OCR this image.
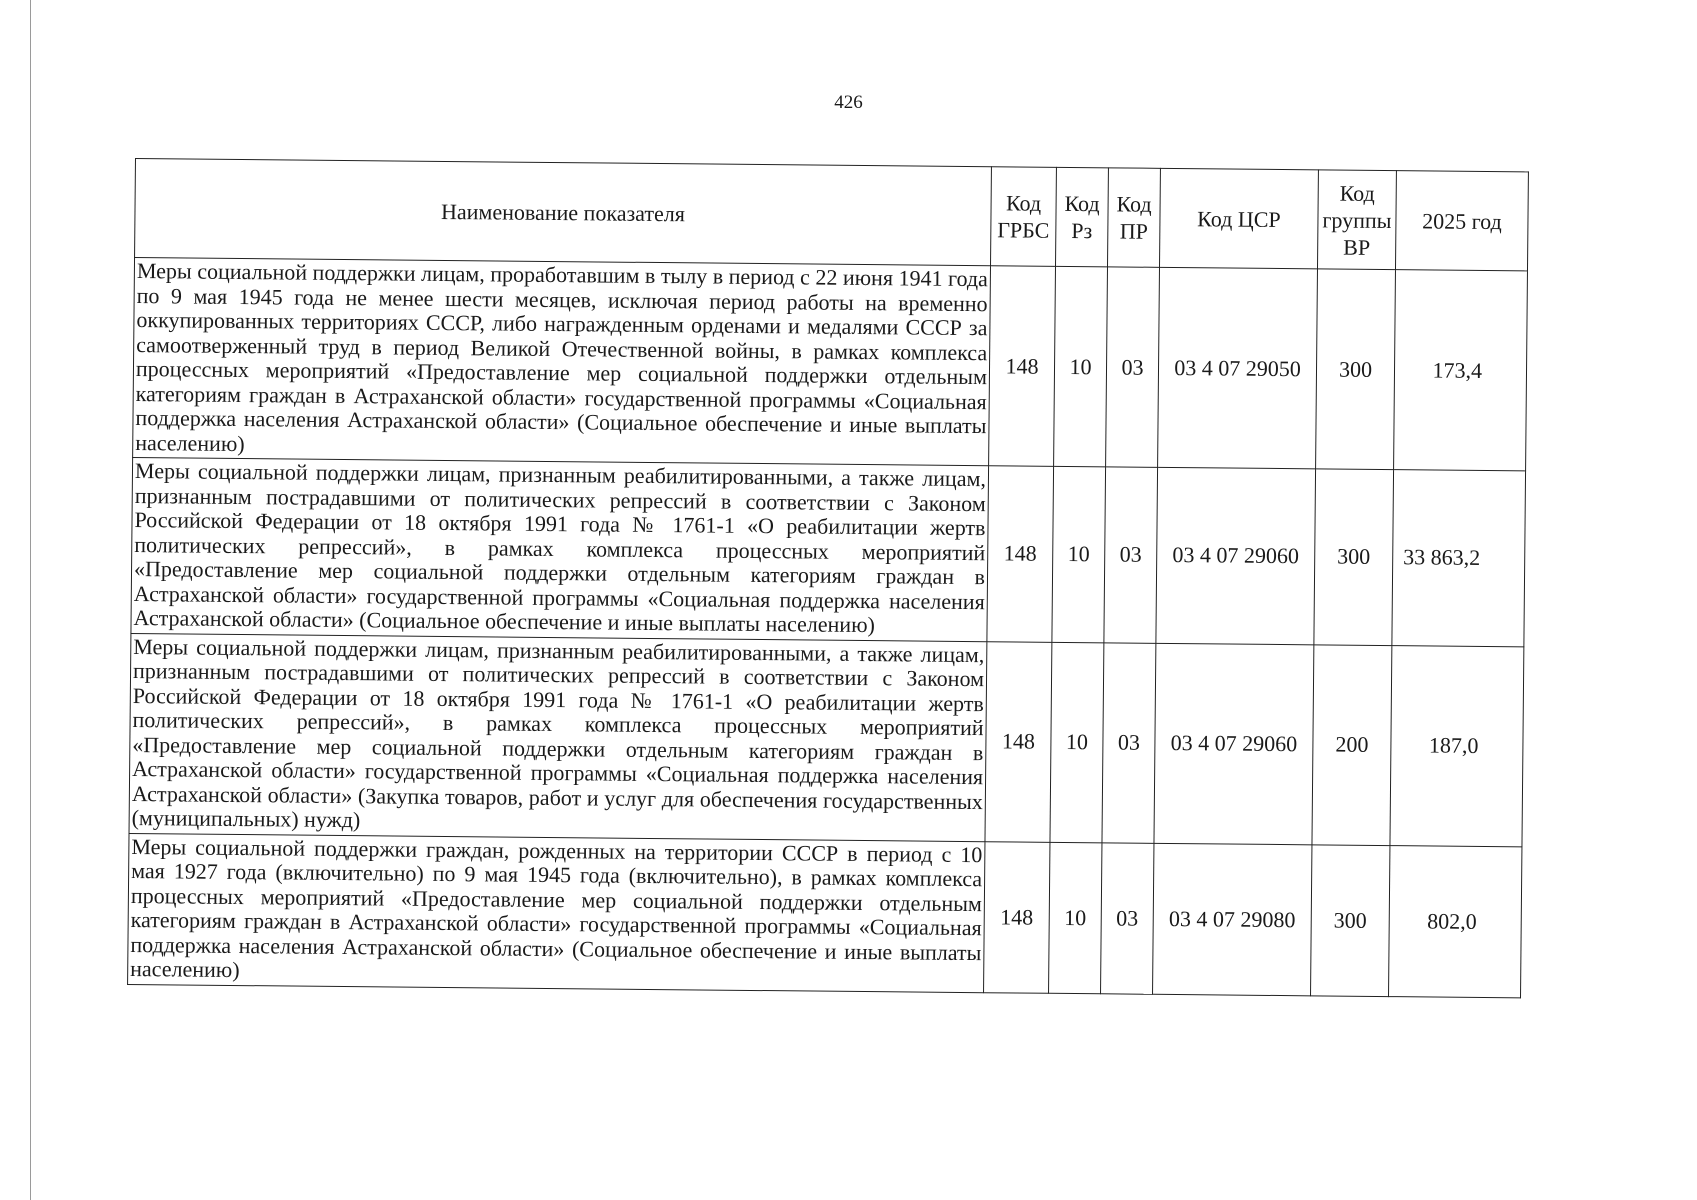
426
Наименование показателя	Код ГРБС	Код Рз	Код ПР	Код ЦСР	Код группы ВР	2025 год
Меры социальной поддержки лицам, проработавшим в тылу в период с 22 июня 1941 года по 9 мая 1945 года не менее шести месяцев, исключая период работы на временно оккупированных территориях СССР, либо награжденным орденами и медалями СССР за самоотверженный труд в период Великой Отечественной войны, в рамках комплекса процессных мероприятий «Предоставление мер социальной поддержки отдельным категориям граждан в Астраханской области» государственной программы «Социальная поддержка населения Астраханской области» (Социальное обеспечение и иные выплаты населению)	148	10	03	03 4 07 29050	300	173,4
Меры социальной поддержки лицам, признанным реабилитированными, а также лицам, признанным пострадавшими от политических репрессий в соответствии с Законом Российской Федерации от 18 октября 1991 года № 1761-1 «О реабилитации жертв политических репрессий», в рамках комплекса процессных мероприятий «Предоставление мер социальной поддержки отдельным категориям граждан в Астраханской области» государственной программы «Социальная поддержка населения Астраханской области» (Социальное обеспечение и иные выплаты населению)	148	10	03	03 4 07 29060	300	33 863,2
Меры социальной поддержки лицам, признанным реабилитированными, а также лицам, признанным пострадавшими от политических репрессий в соответствии с Законом Российской Федерации от 18 октября 1991 года № 1761-1 «О реабилитации жертв политических репрессий», в рамках комплекса процессных мероприятий «Предоставление мер социальной поддержки отдельным категориям граждан в Астраханской области» государственной программы «Социальная поддержка населения Астраханской области» (Закупка товаров, работ и услуг для обеспечения государственных (муниципальных) нужд)	148	10	03	03 4 07 29060	200	187,0
Меры социальной поддержки граждан, рожденных на территории СССР в период с 10 мая 1927 года (включительно) по 9 мая 1945 года (включительно), в рамках комплекса процессных мероприятий «Предоставление мер социальной поддержки отдельным категориям граждан в Астраханской области» государственной программы «Социальная поддержка населения Астраханской области» (Социальное обеспечение и иные выплаты населению)	148	10	03	03 4 07 29080	300	802,0
